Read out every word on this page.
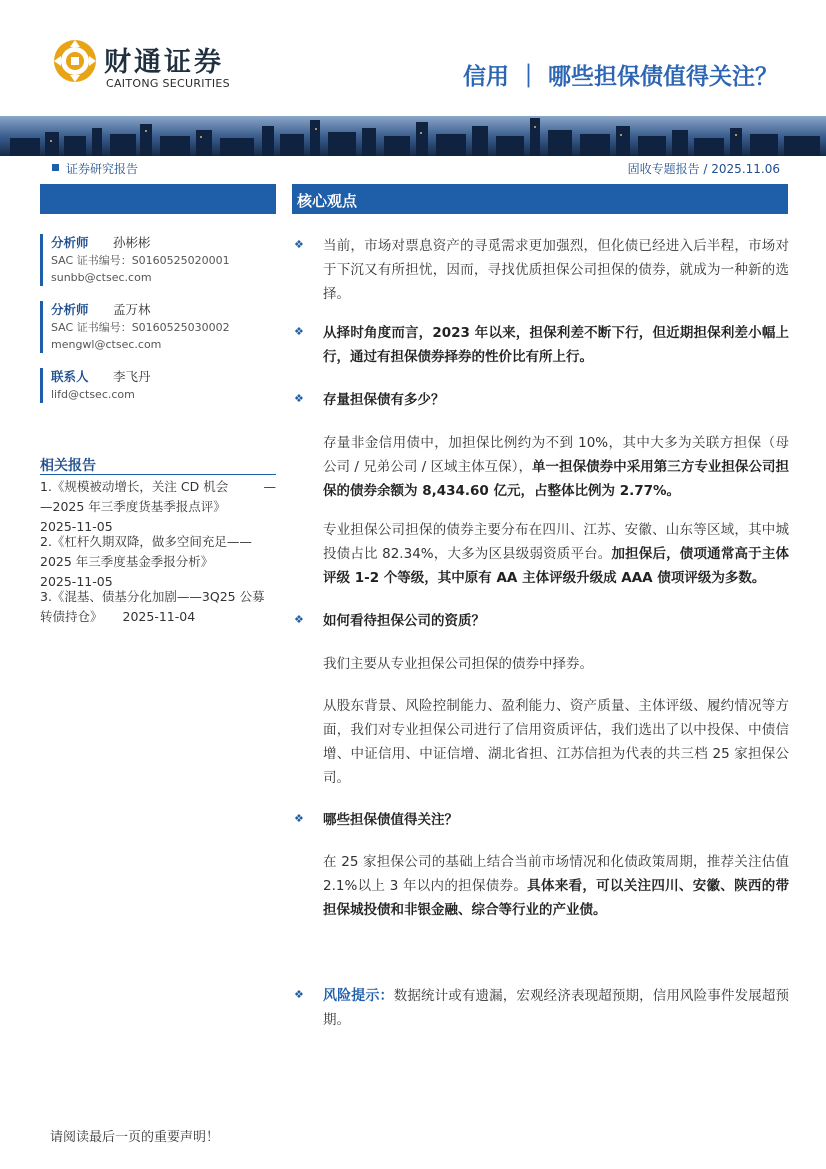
财通证券
CAITONG SECURITIES	信用 ｜ 哪些担保债值得关注？
证券研究报告	固收专题报告 / 2025.11.06
分析师	孙彬彬
SAC 证书编号：S0160525020001
sunbb@ctsec.com
分析师	孟万林
SAC 证书编号：S0160525030002
mengwl@ctsec.com
联系人	李飞丹
lifd@ctsec.com
相关报告
1.《规模被动增长，关注 CD 机会	—
—2025 年三季度货基季报点评》
2025-11-05
2.《杠杆久期双降，做多空间充足——
2025 年三季度基金季报分析》
2025-11-05
3.《混基、债基分化加剧——3Q25 公募
转债持仓》 2025-11-04
核心观点
❖ 当前，市场对票息资产的寻觅需求更加强烈，但化债已经进入后半程，市场对于下沉又有所担忧，因而，寻找优质担保公司担保的债券，就成为一种新的选择。
❖ 从择时角度而言，2023 年以来，担保利差不断下行，但近期担保利差小幅上行，通过有担保债券择券的性价比有所上行。
❖ 存量担保债有多少？
存量非金信用债中，加担保比例约为不到 10%，其中大多为关联方担保（母公司 / 兄弟公司 / 区域主体互保），单一担保债券中采用第三方专业担保公司担保的债券余额为 8,434.60 亿元，占整体比例为 2.77%。
专业担保公司担保的债券主要分布在四川、江苏、安徽、山东等区域，其中城投债占比 82.34%，大多为区县级弱资质平台。加担保后，债项通常高于主体评级 1-2 个等级，其中原有 AA 主体评级升级成 AAA 债项评级为多数。
❖ 如何看待担保公司的资质？
我们主要从专业担保公司担保的债券中择券。
从股东背景、风险控制能力、盈利能力、资产质量、主体评级、履约情况等方面，我们对专业担保公司进行了信用资质评估，我们选出了以中投保、中债信增、中证信用、中证信增、湖北省担、江苏信担为代表的共三档 25 家担保公司。
❖ 哪些担保债值得关注？
在 25 家担保公司的基础上结合当前市场情况和化债政策周期，推荐关注估值 2.1%以上 3 年以内的担保债券。具体来看，可以关注四川、安徽、陕西的带担保城投债和非银金融、综合等行业的产业债。
❖ 风险提示：数据统计或有遗漏，宏观经济表现超预期，信用风险事件发展超预期。
请阅读最后一页的重要声明！
